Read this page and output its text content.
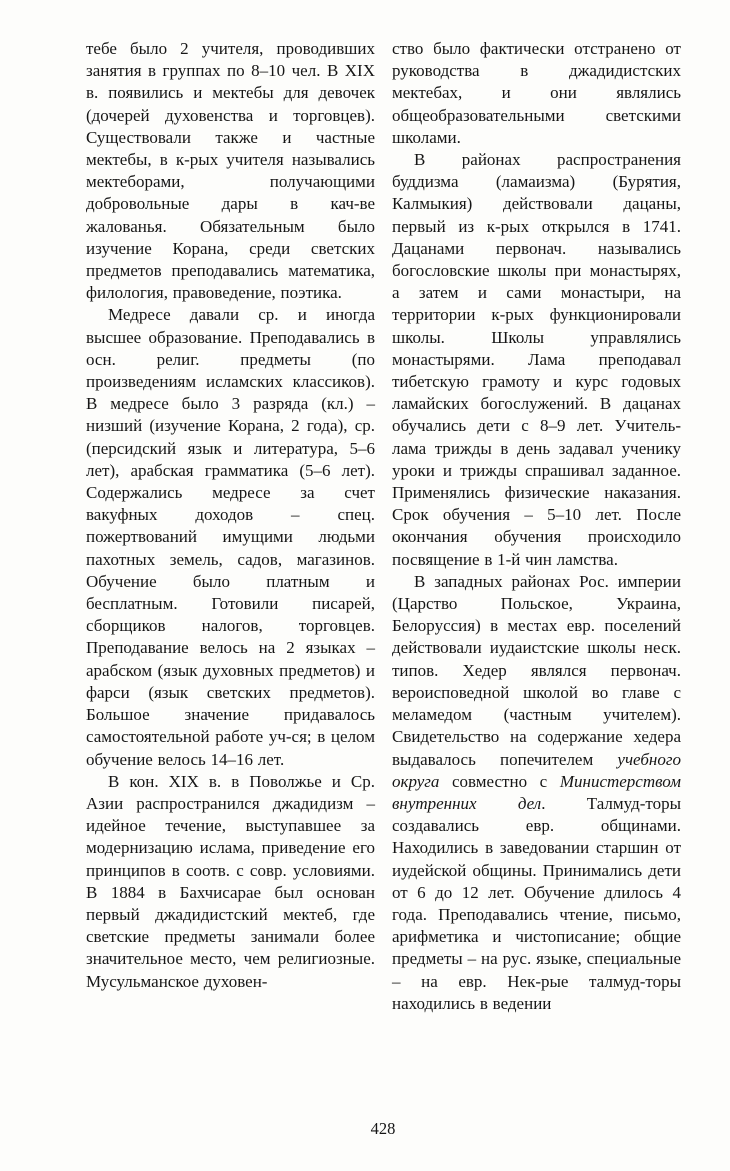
тебе было 2 учителя, проводивших занятия в группах по 8–10 чел. В XIX в. появились и мектебы для девочек (дочерей духовенства и торговцев). Существовали также и частные мектебы, в к-рых учителя назывались мектеборами, получающими добровольные дары в кач-ве жалованья. Обязательным было изучение Корана, среди светских предметов преподавались математика, филология, правоведение, поэтика.

Медресе давали ср. и иногда высшее образование. Преподавались в осн. религ. предметы (по произведениям исламских классиков). В медресе было 3 разряда (кл.) – низший (изучение Корана, 2 года), ср. (персидский язык и литература, 5–6 лет), арабская грамматика (5–6 лет). Содержались медресе за счет вакуфных доходов – спец. пожертвований имущими людьми пахотных земель, садов, магазинов. Обучение было платным и бесплатным. Готовили писарей, сборщиков налогов, торговцев. Преподавание велось на 2 языках – арабском (язык духовных предметов) и фарси (язык светских предметов). Большое значение придавалось самостоятельной работе уч-ся; в целом обучение велось 14–16 лет.

В кон. XIX в. в Поволжье и Ср. Азии распространился джадидизм – идейное течение, выступавшее за модернизацию ислама, приведение его принципов в соотв. с совр. условиями. В 1884 в Бахчисарае был основан первый джадидистский мектеб, где светские предметы занимали более значительное место, чем религиозные. Мусульманское духовен-

ство было фактически отстранено от руководства в джадидистских мектебах, и они являлись общеобразовательными светскими школами.

В районах распространения буддизма (ламаизма) (Бурятия, Калмыкия) действовали дацаны, первый из к-рых открылся в 1741. Дацанами первонач. назывались богословские школы при монастырях, а затем и сами монастыри, на территории к-рых функционировали школы. Школы управлялись монастырями. Лама преподавал тибетскую грамоту и курс годовых ламайских богослужений. В дацанах обучались дети с 8–9 лет. Учитель-лама трижды в день задавал ученику уроки и трижды спрашивал заданное. Применялись физические наказания. Срок обучения – 5–10 лет. После окончания обучения происходило посвящение в 1-й чин ламства.

В западных районах Рос. империи (Царство Польское, Украина, Белоруссия) в местах евр. поселений действовали иудаистские школы неск. типов. Хедер являлся первонач. вероисповедной школой во главе с меламедом (частным учителем). Свидетельство на содержание хедера выдавалось попечителем учебного округа совместно с Министерством внутренних дел. Талмуд-торы создавались евр. общинами. Находились в заведовании старшин от иудейской общины. Принимались дети от 6 до 12 лет. Обучение длилось 4 года. Преподавались чтение, письмо, арифметика и чистописание; общие предметы – на рус. языке, специальные – на евр. Нек-рые талмуд-торы находились в ведении

428
